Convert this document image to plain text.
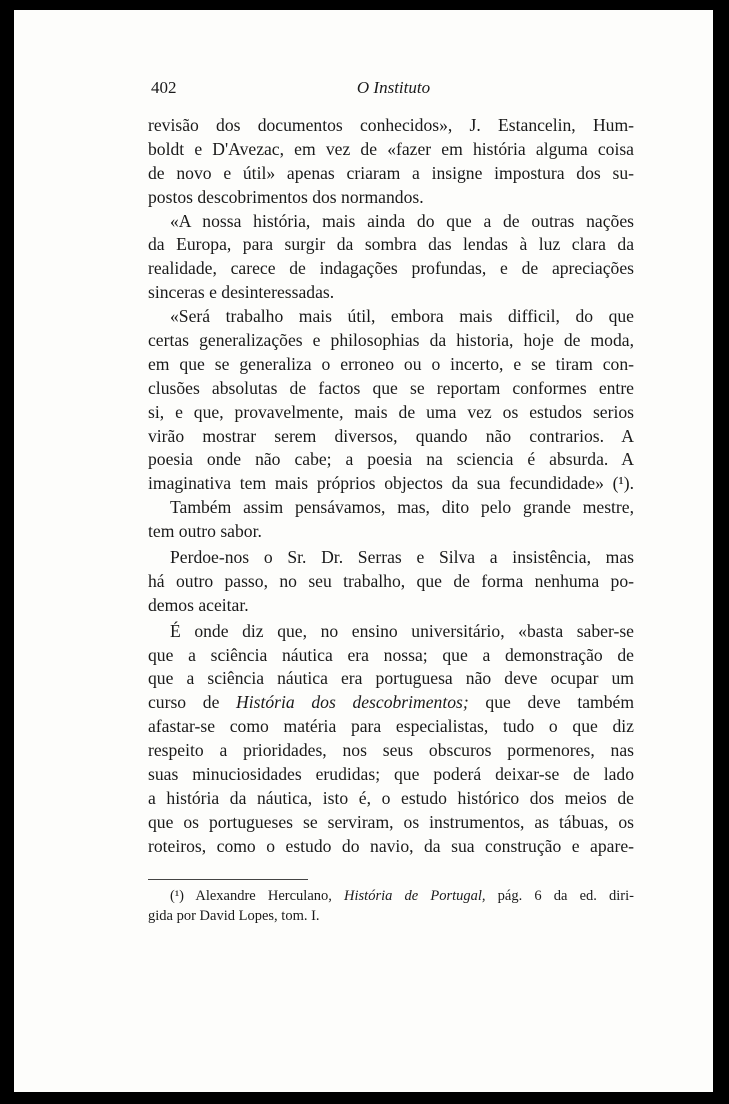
402	O Instituto
revisão dos documentos conhecidos», J. Estancelin, Hum-
boldt e D'Avezac, em vez de «fazer em história alguma coisa
de novo e útil» apenas criaram a insigne impostura dos su-
postos descobrimentos dos normandos.
«A nossa história, mais ainda do que a de outras nações
da Europa, para surgir da sombra das lendas à luz clara da
realidade, carece de indagações profundas, e de apreciações
sinceras e desinteressadas.
«Será trabalho mais útil, embora mais difficil, do que
certas generalizações e philosophias da historia, hoje de moda,
em que se generaliza o erroneo ou o incerto, e se tiram con-
clusões absolutas de factos que se reportam conformes entre
si, e que, provavelmente, mais de uma vez os estudos serios
virão mostrar serem diversos, quando não contrarios. A
poesia onde não cabe; a poesia na sciencia é absurda. A
imaginativa tem mais próprios objectos da sua fecundidade» (¹).
Também assim pensávamos, mas, dito pelo grande mestre,
tem outro sabor.
Perdoe-nos o Sr. Dr. Serras e Silva a insistência, mas
há outro passo, no seu trabalho, que de forma nenhuma po-
demos aceitar.
É onde diz que, no ensino universitário, «basta saber-se
que a sciência náutica era nossa; que a demonstração de
que a sciência náutica era portuguesa não deve ocupar um
curso de História dos descobrimentos; que deve também
afastar-se como matéria para especialistas, tudo o que diz
respeito a prioridades, nos seus obscuros pormenores, nas
suas minuciosidades erudidas; que poderá deixar-se de lado
a história da náutica, isto é, o estudo histórico dos meios de
que os portugueses se serviram, os instrumentos, as tábuas, os
roteiros, como o estudo do navio, da sua construção e apare-
(¹) Alexandre Herculano, História de Portugal, pág. 6 da ed. diri-
gida por David Lopes, tom. I.
